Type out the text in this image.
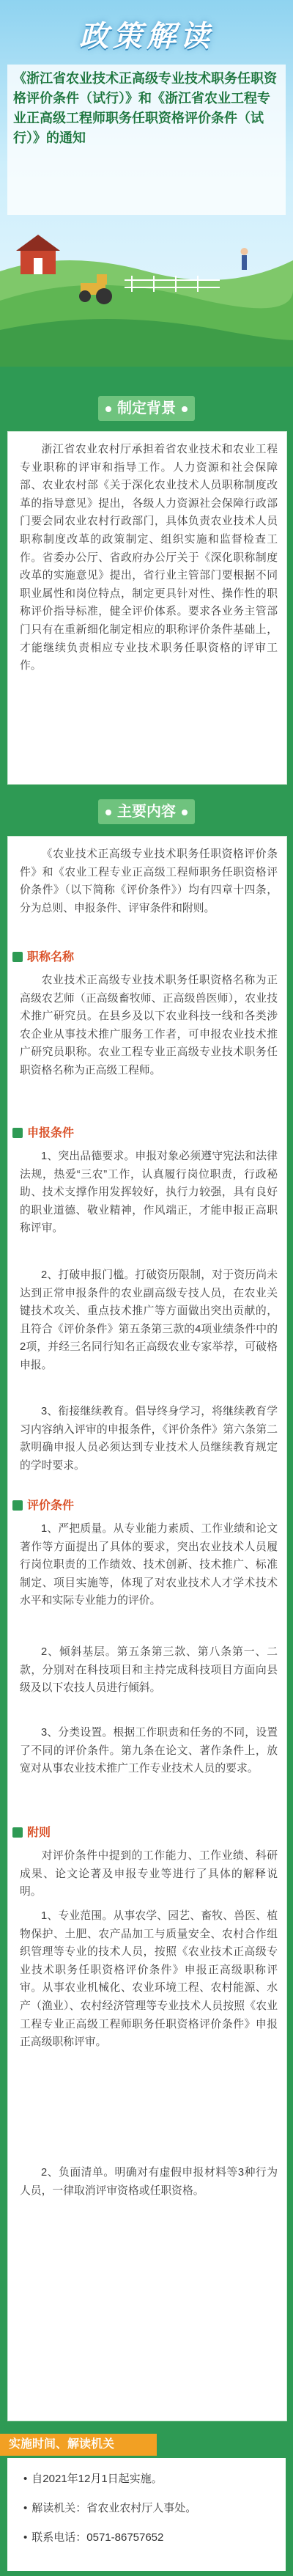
政策解读
《浙江省农业技术正高级专业技术职务任职资格评价条件（试行）》和《浙江省农业工程专业正高级工程师职务任职资格评价条件（试行）》的通知
制定背景
浙江省农业农村厅承担着省农业技术和农业工程专业职称的评审和指导工作。人力资源和社会保障部、农业农村部《关于深化农业技术人员职称制度改革的指导意见》提出，各级人力资源社会保障行政部门要会同农业农村行政部门，具体负责农业技术人员职称制度改革的政策制定、组织实施和监督检查工作。省委办公厅、省政府办公厅关于《深化职称制度改革的实施意见》提出，省行业主管部门要根据不同职业属性和岗位特点，制定更具针对性、操作性的职称评价指导标准，健全评价体系。要求各业务主管部门只有在重新细化制定相应的职称评价条件基础上，才能继续负责相应专业技术职务任职资格的评审工作。
主要内容
《农业技术正高级专业技术职务任职资格评价条件》和《农业工程专业正高级工程师职务任职资格评价条件》（以下简称《评价条件》）均有四章十四条，分为总则、申报条件、评审条件和附则。
职称名称
农业技术正高级专业技术职务任职资格名称为正高级农艺师（正高级畜牧师、正高级兽医师），农业技术推广研究员。在县乡及以下农业科技一线和各类涉农企业从事技术推广服务工作者，可申报农业技术推广研究员职称。农业工程专业正高级专业技术职务任职资格名称为正高级工程师。
申报条件
1、突出品德要求。申报对象必须遵守宪法和法律法规，热爱“三农”工作，认真履行岗位职责，行政秘助、技术支撑作用发挥较好，执行力较强，具有良好的职业道德、敬业精神，作风端正，才能申报正高职称评审。
2、打破申报门槛。打破资历限制，对于资历尚未达到正常申报条件的农业副高级专技人员，在农业关键技术攻关、重点技术推广等方面做出突出贡献的，且符合《评价条件》第五条第三款的4项业绩条件中的2项，并经三名同行知名正高级农业专家举荐，可破格申报。
3、衔接继续教育。倡导终身学习，将继续教育学习内容纳入评审的申报条件，《评价条件》第六条第二款明确申报人员必须达到专业技术人员继续教育规定的学时要求。
评价条件
1、严把质量。从专业能力素质、工作业绩和论文著作等方面提出了具体的要求，突出农业技术人员履行岗位职责的工作绩效、技术创新、技术推广、标准制定、项目实施等，体现了对农业技术人才学术技术水平和实际专业能力的评价。
2、倾斜基层。第五条第三款、第八条第一、二款，分别对在科技项目和主持完成科技项目方面向县级及以下农技人员进行倾斜。
3、分类设置。根据工作职责和任务的不同，设置了不同的评价条件。第九条在论文、著作条件上，放宽对从事农业技术推广工作专业技术人员的要求。
附则
对评价条件中提到的工作能力、工作业绩、科研成果、论文论著及申报专业等进行了具体的解释说明。
1、专业范围。从事农学、园艺、畜牧、兽医、植物保护、土肥、农产品加工与质量安全、农村合作组织管理等专业的技术人员，按照《农业技术正高级专业技术职务任职资格评价条件》申报正高级职称评审。从事农业机械化、农业环境工程、农村能源、水产（渔业）、农村经济管理等专业技术人员按照《农业工程专业正高级工程师职务任职资格评价条件》申报正高级职称评审。
2、负面清单。明确对有虚假申报材料等3种行为人员，一律取消评审资格或任职资格。
实施时间、解读机关
• 自2021年12月1日起实施。
• 解读机关：省农业农村厅人事处。
• 联系电话：0571-86757652
